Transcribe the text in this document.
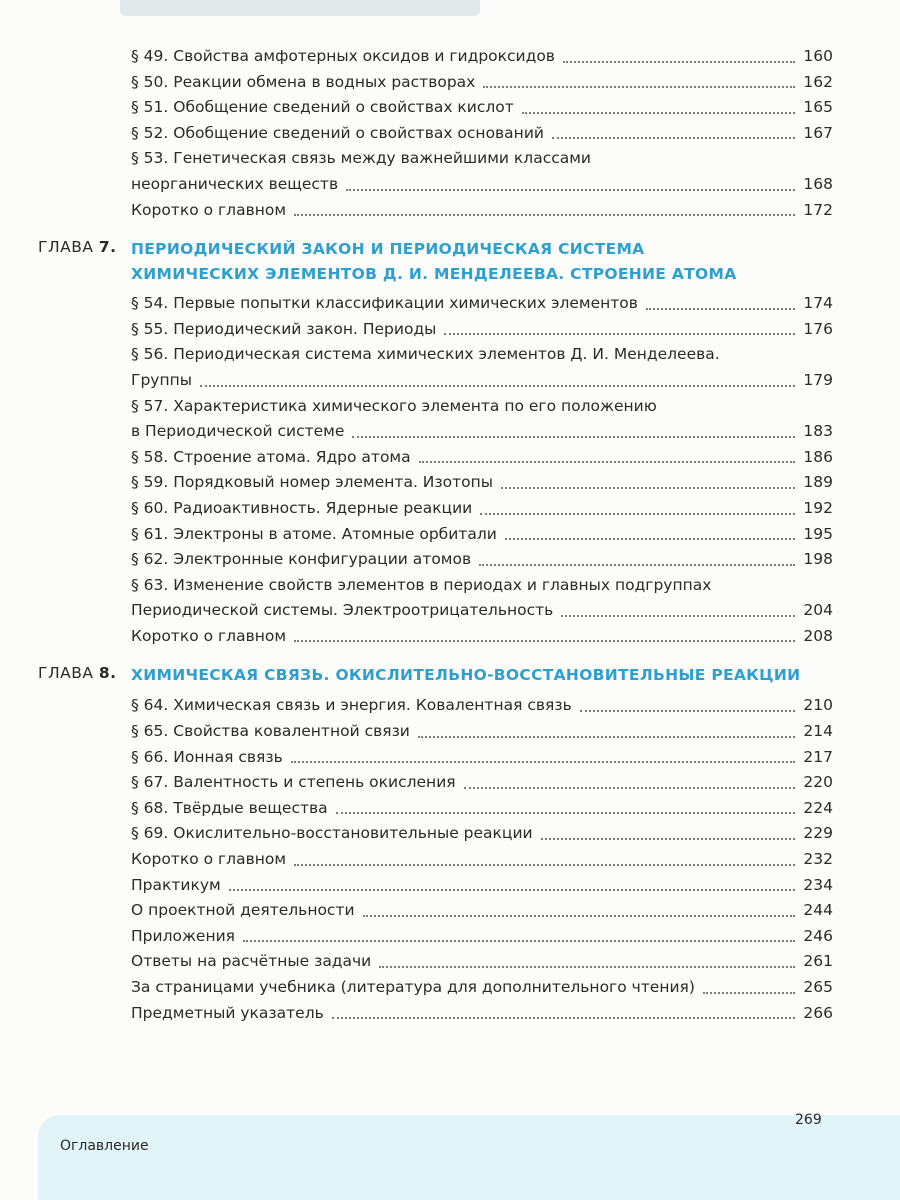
§ 49. Свойства амфотерных оксидов и гидроксидов	160
§ 50. Реакции обмена в водных растворах	162
§ 51. Обобщение сведений о свойствах кислот	165
§ 52. Обобщение сведений о свойствах оснований	167
§ 53. Генетическая связь между важнейшими классами
неорганических веществ	168
Коротко о главном	172
ГЛАВА 7. ПЕРИОДИЧЕСКИЙ ЗАКОН И ПЕРИОДИЧЕСКАЯ СИСТЕМА
ХИМИЧЕСКИХ ЭЛЕМЕНТОВ Д. И. МЕНДЕЛЕЕВА. СТРОЕНИЕ АТОМА
§ 54. Первые попытки классификации химических элементов	174
§ 55. Периодический закон. Периоды	176
§ 56. Периодическая система химических элементов Д. И. Менделеева.
Группы	179
§ 57. Характеристика химического элемента по его положению
в Периодической системе	183
§ 58. Строение атома. Ядро атома	186
§ 59. Порядковый номер элемента. Изотопы	189
§ 60. Радиоактивность. Ядерные реакции	192
§ 61. Электроны в атоме. Атомные орбитали	195
§ 62. Электронные конфигурации атомов	198
§ 63. Изменение свойств элементов в периодах и главных подгруппах
Периодической системы. Электроотрицательность	204
Коротко о главном	208
ГЛАВА 8. ХИМИЧЕСКАЯ СВЯЗЬ. ОКИСЛИТЕЛЬНО-ВОССТАНОВИТЕЛЬНЫЕ РЕАКЦИИ
§ 64. Химическая связь и энергия. Ковалентная связь	210
§ 65. Свойства ковалентной связи	214
§ 66. Ионная связь	217
§ 67. Валентность и степень окисления	220
§ 68. Твёрдые вещества	224
§ 69. Окислительно-восстановительные реакции	229
Коротко о главном	232
Практикум	234
О проектной деятельности	244
Приложения	246
Ответы на расчётные задачи	261
За страницами учебника (литература для дополнительного чтения)	265
Предметный указатель	266
Оглавление
269
